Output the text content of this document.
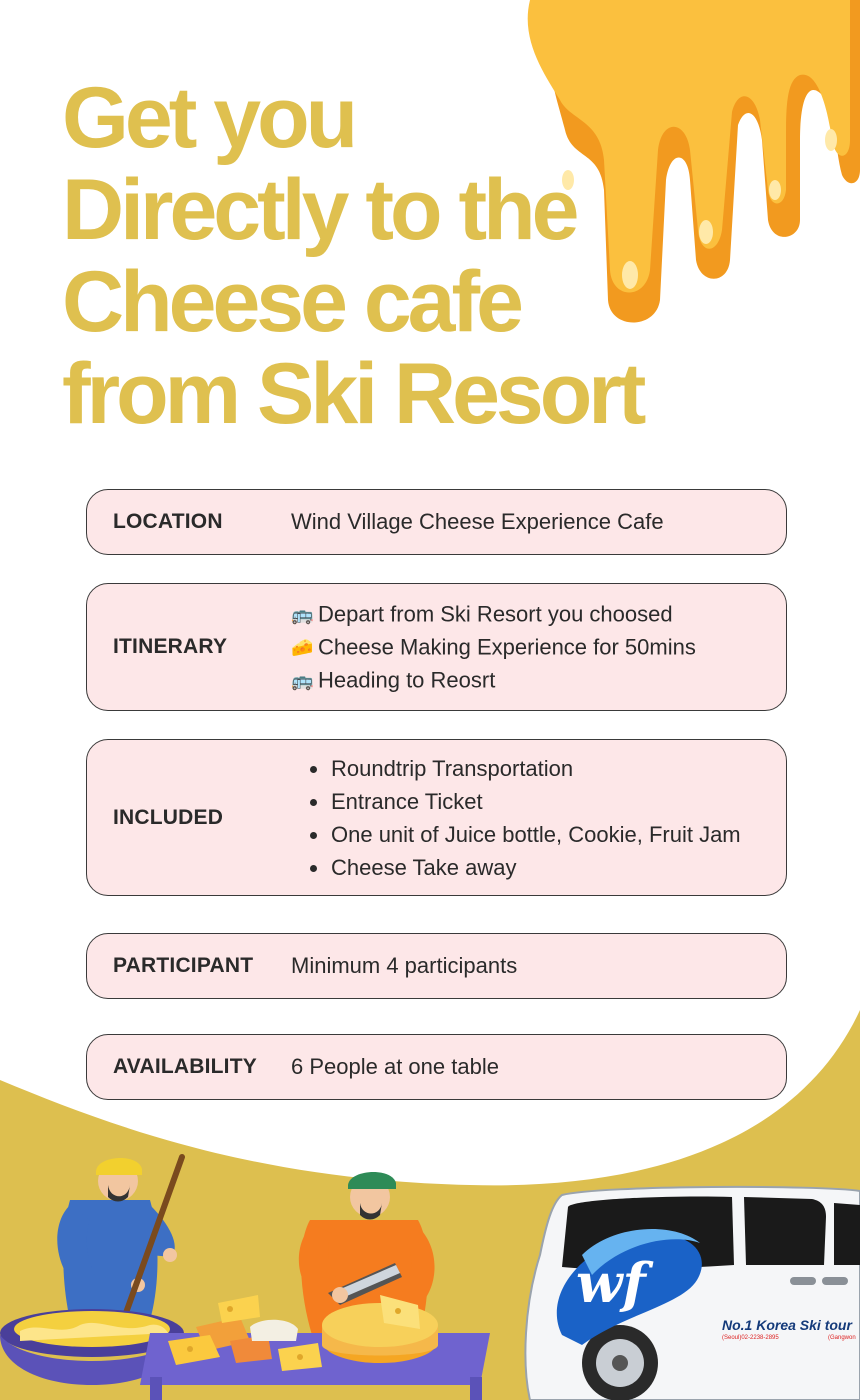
Get you
Directly to the
Cheese cafe
from Ski Resort
LOCATION	Wind Village Cheese Experience Cafe
ITINERARY
🚌 Depart from Ski Resort you choosed
🧀 Cheese Making Experience for 50mins
🚌 Heading to Reosrt
INCLUDED
Roundtrip Transportation
Entrance Ticket
One unit of Juice bottle, Cookie, Fruit Jam
Cheese Take away
PARTICIPANT Minimum 4 participants
AVAILABILITY 6 People at one table
wf
No.1 Korea Ski tour
(Seoul)02-2238-2895	(Gangwon
